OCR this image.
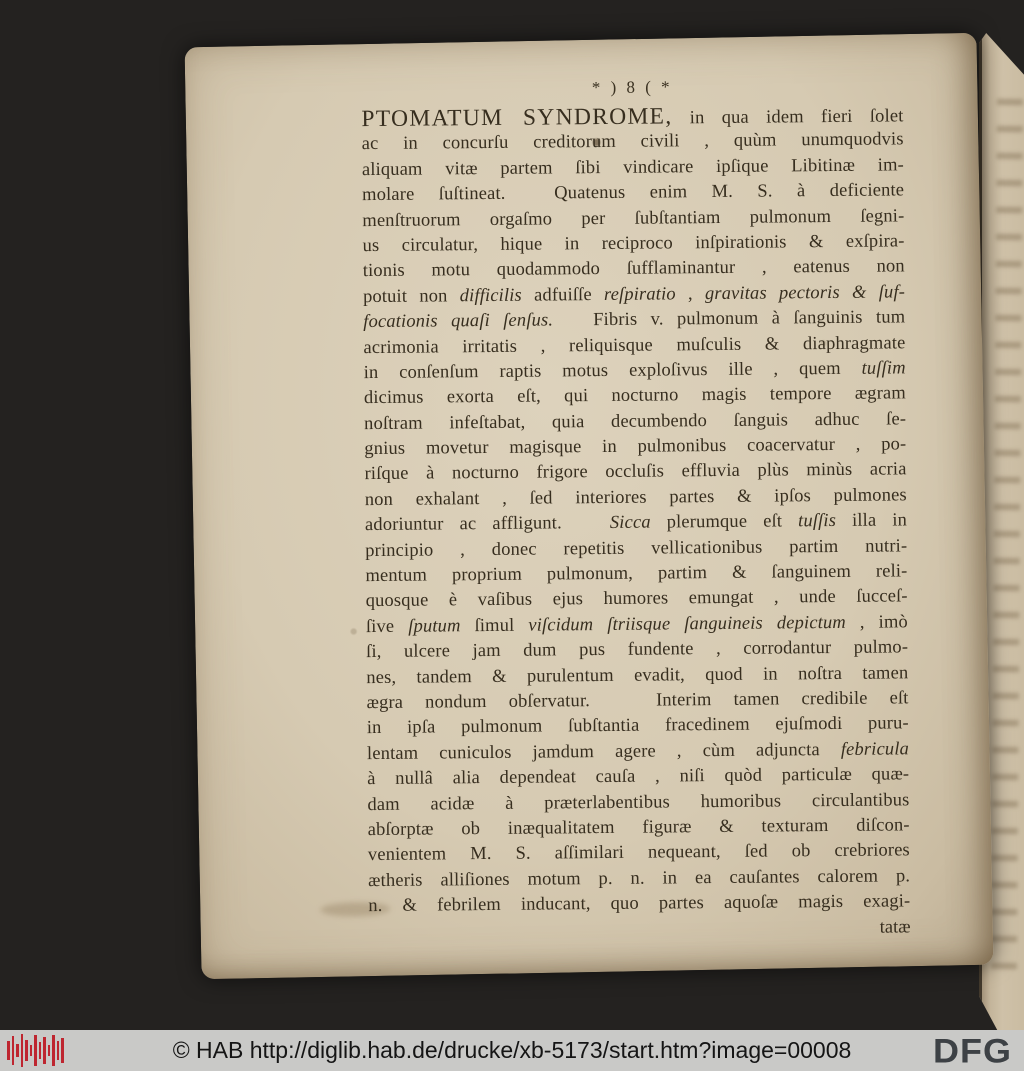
* ) 8 ( *
PTOMATUM SYNDROME, in qua idem fieri ſolet
ac in concurſu creditorum civili , quùm unumquodvis
aliquam vitæ partem ſibi vindicare ipſique Libitinæ im-
molare ſuſtineat.  Quatenus enim M. S. à deficiente
menſtruorum orgaſmo per ſubſtantiam pulmonum ſegni-
us circulatur, hique in reciproco inſpirationis & exſpira-
tionis motu quodammodo ſufflaminantur , eatenus non
potuit non difficilis adfuiſſe reſpiratio , gravitas pectoris & ſuf-
focationis quaſi ſenſus.   Fibris v. pulmonum à ſanguinis tum
acrimonia irritatis , reliquisque muſculis & diaphragmate
in conſenſum raptis motus exploſivus ille , quem tuſſim
dicimus exorta eſt, qui nocturno magis tempore ægram
noſtram infeſtabat, quia decumbendo ſanguis adhuc ſe-
gnius movetur magisque in pulmonibus coacervatur , po-
riſque à nocturno frigore occluſis effluvia plùs minùs acria
non exhalant , ſed interiores partes & ipſos pulmones
adoriuntur ac affligunt.   Sicca plerumque eſt tuſſis illa in
principio , donec repetitis vellicationibus partim nutri-
mentum proprium pulmonum, partim & ſanguinem reli-
quosque è vaſibus ejus humores emungat , unde ſucceſ-
ſive ſputum ſimul viſcidum ſtriisque ſanguineis depictum , imò
ſi, ulcere jam dum pus fundente , corrodantur pulmo-
nes, tandem & purulentum evadit, quod in noſtra tamen
ægra nondum obſervatur.   Interim tamen credibile eſt
in ipſa pulmonum ſubſtantia fracedinem ejuſmodi puru-
lentam cuniculos jamdum agere , cùm adjuncta febricula
à nullâ alia dependeat cauſa , niſi quòd particulæ quæ-
dam acidæ à præterlabentibus humoribus circulantibus
abſorptæ ob inæqualitatem figuræ & texturam diſcon-
venientem M. S. aſſimilari nequeant, ſed ob crebriores
ætheris alliſiones motum p. n. in ea cauſantes calorem p.
n. & febrilem inducant, quo partes aquoſæ magis exagi-
tatæ
© HAB http://diglib.hab.de/drucke/xb-5173/start.htm?image=00008	DFG
